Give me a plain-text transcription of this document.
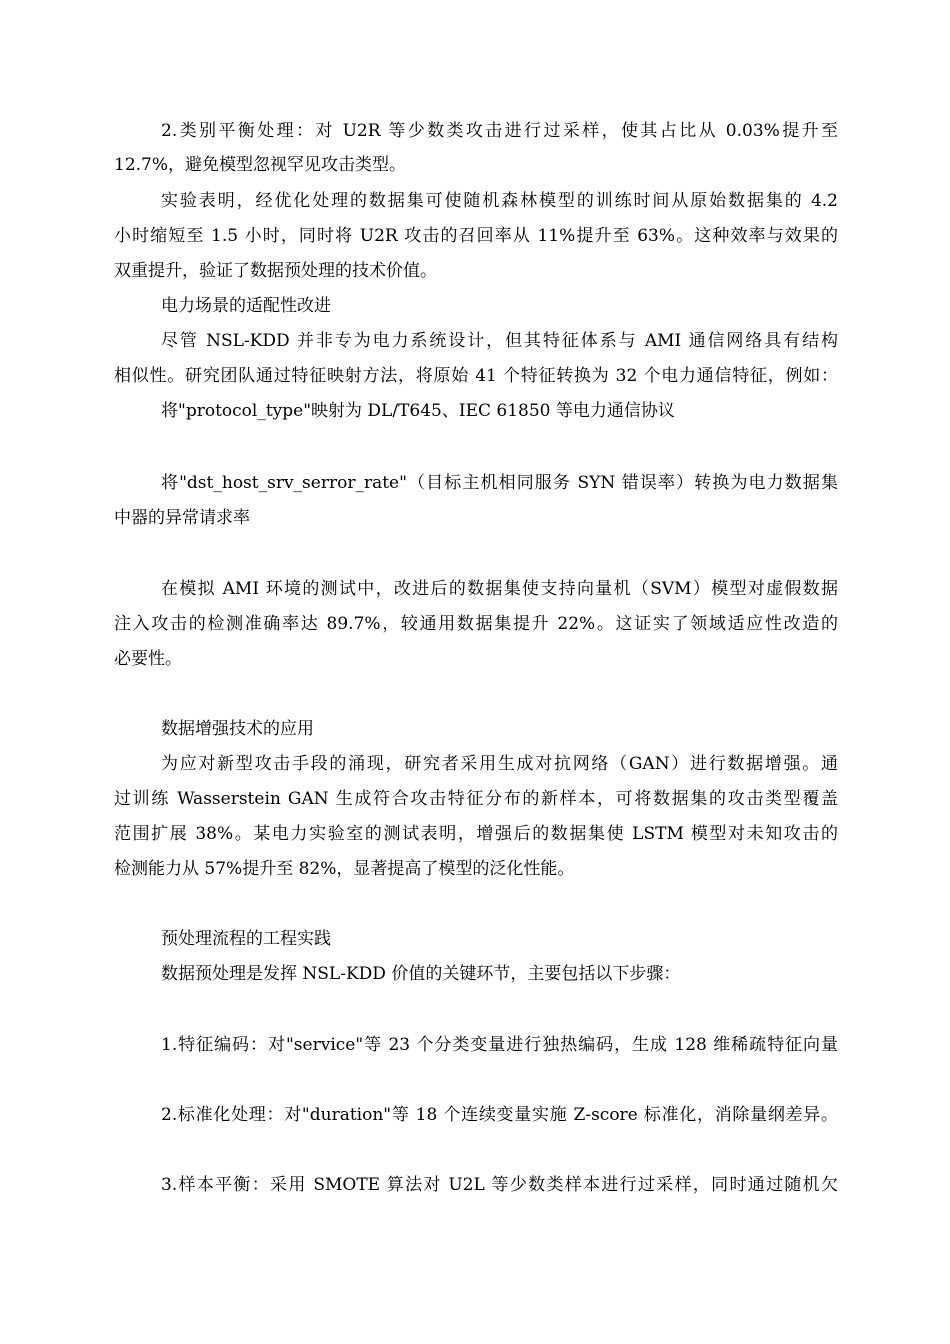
2.类别平衡处理：对 U2R 等少数类攻击进行过采样，使其占比从 0.03%提升至
12.7%，避免模型忽视罕见攻击类型。
实验表明，经优化处理的数据集可使随机森林模型的训练时间从原始数据集的 4.2
小时缩短至 1.5 小时，同时将 U2R 攻击的召回率从 11%提升至 63%。这种效率与效果的
双重提升，验证了数据预处理的技术价值。
电力场景的适配性改进
尽管 NSL-KDD 并非专为电力系统设计，但其特征体系与 AMI 通信网络具有结构
相似性。研究团队通过特征映射方法，将原始 41 个特征转换为 32 个电力通信特征，例如：
将"protocol_type"映射为 DL/T645、IEC 61850 等电力通信协议
将"dst_host_srv_serror_rate"（目标主机相同服务 SYN 错误率）转换为电力数据集
中器的异常请求率
在模拟 AMI 环境的测试中，改进后的数据集使支持向量机（SVM）模型对虚假数据
注入攻击的检测准确率达 89.7%，较通用数据集提升 22%。这证实了领域适应性改造的
必要性。
数据增强技术的应用
为应对新型攻击手段的涌现，研究者采用生成对抗网络（GAN）进行数据增强。通
过训练 Wasserstein GAN 生成符合攻击特征分布的新样本，可将数据集的攻击类型覆盖
范围扩展 38%。某电力实验室的测试表明，增强后的数据集使 LSTM 模型对未知攻击的
检测能力从 57%提升至 82%，显著提高了模型的泛化性能。
预处理流程的工程实践
数据预处理是发挥 NSL-KDD 价值的关键环节，主要包括以下步骤：
1.特征编码：对"service"等 23 个分类变量进行独热编码，生成 128 维稀疏特征向量
2.标准化处理：对"duration"等 18 个连续变量实施 Z-score 标准化，消除量纲差异。
3.样本平衡：采用 SMOTE 算法对 U2L 等少数类样本进行过采样，同时通过随机欠
